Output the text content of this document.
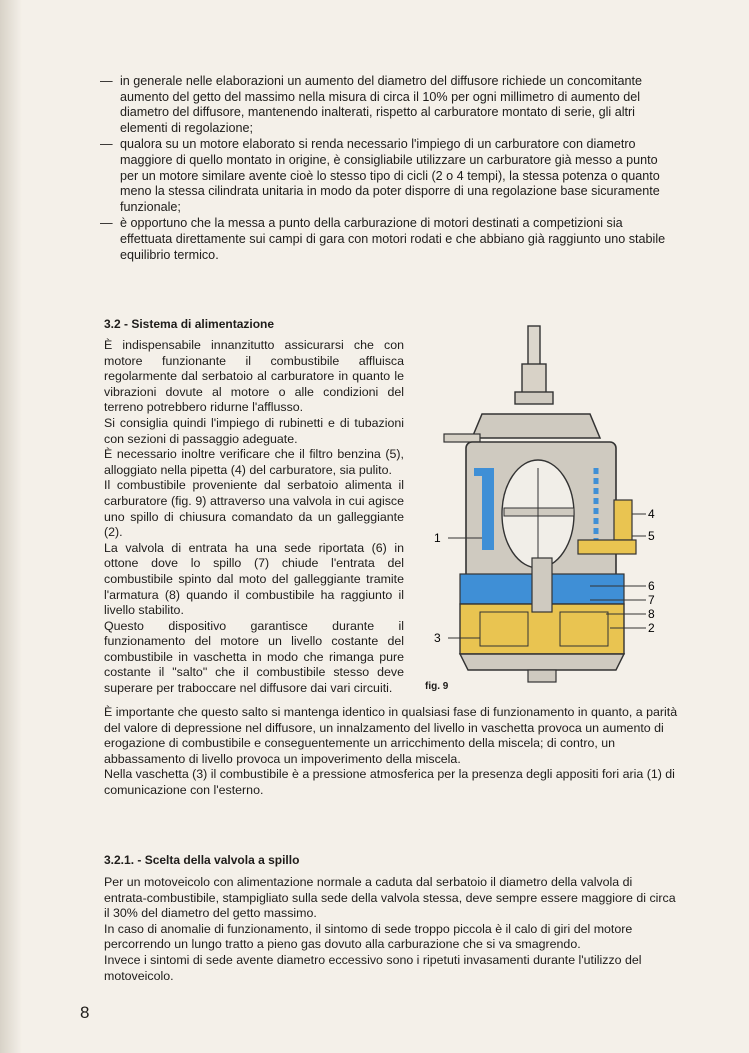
— in generale nelle elaborazioni un aumento del diametro del diffusore richiede un concomitante aumento del getto del massimo nella misura di circa il 10% per ogni millimetro di aumento del diametro del diffusore, mantenendo inalterati, rispetto al carburatore montato di serie, gli altri elementi di regolazione;
— qualora su un motore elaborato si renda necessario l'impiego di un carburatore con diametro maggiore di quello montato in origine, è consigliabile utilizzare un carburatore già messo a punto per un motore similare avente cioè lo stesso tipo di cicli (2 o 4 tempi), la stessa potenza o quanto meno la stessa cilindrata unitaria in modo da poter disporre di una regolazione base sicuramente funzionale;
— è opportuno che la messa a punto della carburazione di motori destinati a competizioni sia effettuata direttamente sui campi di gara con motori rodati e che abbiano già raggiunto uno stabile equilibrio termico.
3.2 - Sistema di alimentazione

È indispensabile innanzitutto assicurarsi che con motore funzionante il combustibile affluisca regolarmente dal serbatoio al carburatore in quanto le vibrazioni dovute al motore o alle condizioni del terreno potrebbero ridurne l'afflusso.

Si consiglia quindi l'impiego di rubinetti e di tubazioni con sezioni di passaggio adeguate.

È necessario inoltre verificare che il filtro benzina (5), alloggiato nella pipetta (4) del carburatore, sia pulito.

Il combustibile proveniente dal serbatoio alimenta il carburatore (fig. 9) attraverso una valvola in cui agisce uno spillo di chiusura comandato da un galleggiante (2).

La valvola di entrata ha una sede riportata (6) in ottone dove lo spillo (7) chiude l'entrata del combustibile spinto dal moto del galleggiante tramite l'armatura (8) quando il combustibile ha raggiunto il livello stabilito.

Questo dispositivo garantisce durante il funzionamento del motore un livello costante del combustibile in vaschetta in modo che rimanga pure costante il "salto" che il combustibile stesso deve superare per traboccare nel diffusore dai vari circuiti.

1
3
4
5
6
7
8
2
fig. 9

È importante che questo salto si mantenga identico in qualsiasi fase di funzionamento in quanto, a parità del valore di depressione nel diffusore, un innalzamento del livello in vaschetta provoca un aumento di erogazione di combustibile e conseguentemente un arricchimento della miscela; di contro, un abbassamento di livello provoca un impoverimento della miscela.

Nella vaschetta (3) il combustibile è a pressione atmosferica per la presenza degli appositi fori aria (1) di comunicazione con l'esterno.

3.2.1. - Scelta della valvola a spillo

Per un motoveicolo con alimentazione normale a caduta dal serbatoio il diametro della valvola di entrata-combustibile, stampigliato sulla sede della valvola stessa, deve sempre essere maggiore di circa il 30% del diametro del getto massimo.

In caso di anomalie di funzionamento, il sintomo di sede troppo piccola è il calo di giri del motore percorrendo un lungo tratto a pieno gas dovuto alla carburazione che si va smagrendo.

Invece i sintomi di sede avente diametro eccessivo sono i ripetuti invasamenti durante l'utilizzo del motoveicolo.

8
